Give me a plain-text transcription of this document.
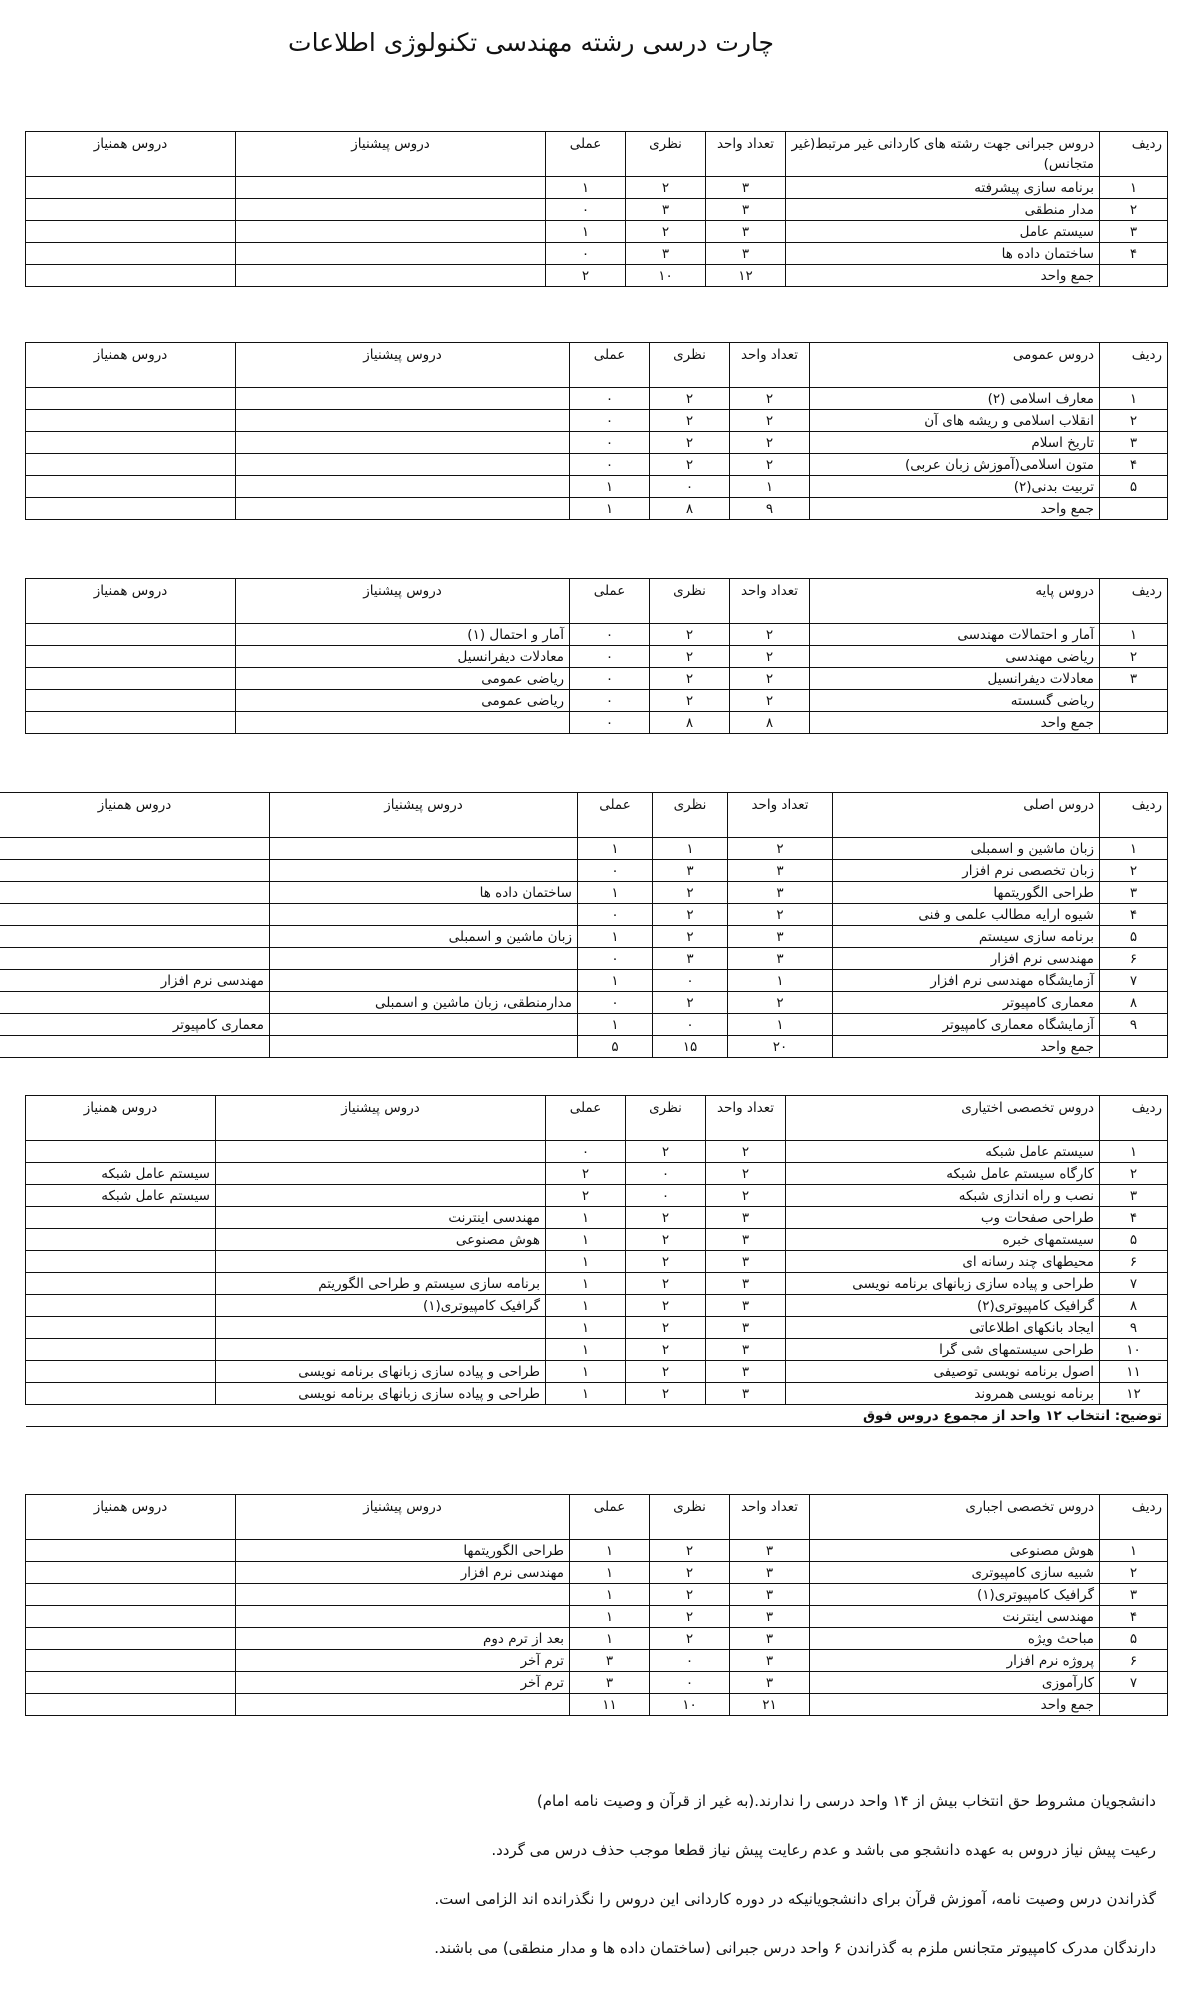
چارت درسی رشته مهندسی تکنولوژی اطلاعات
ردیف	دروس جبرانی جهت رشته های کاردانی غیر مرتبط(غیر متجانس)	تعداد واحد	نظری	عملی	دروس پیشنیاز	دروس همنیاز
۱	برنامه سازی پیشرفته	۳	۲	۱		
۲	مدار منطقی	۳	۳	۰		
۳	سیستم عامل	۳	۲	۱		
۴	ساختمان داده ها	۳	۳	۰		
	جمع واحد	۱۲	۱۰	۲		
ردیف	دروس عمومی	تعداد واحد	نظری	عملی	دروس پیشنیاز	دروس همنیاز
۱	معارف اسلامی (۲)	۲	۲	۰		
۲	انقلاب اسلامی و ریشه های آن	۲	۲	۰		
۳	تاریخ اسلام	۲	۲	۰		
۴	متون اسلامی(آموزش زبان عربی)	۲	۲	۰		
۵	تربیت بدنی(۲)	۱	۰	۱		
	جمع واحد	۹	۸	۱		
ردیف	دروس پایه	تعداد واحد	نظری	عملی	دروس پیشنیاز	دروس همنیاز
۱	آمار و احتمالات مهندسی	۲	۲	۰	آمار و احتمال (۱)	
۲	ریاضی مهندسی	۲	۲	۰	معادلات دیفرانسیل	
۳	معادلات دیفرانسیل	۲	۲	۰	ریاضی عمومی	
	ریاضی گسسته	۲	۲	۰	ریاضی عمومی	
	جمع واحد	۸	۸	۰		
ردیف	دروس اصلی	تعداد واحد	نظری	عملی	دروس پیشنیاز	دروس همنیاز
۱	زبان ماشین و اسمبلی	۲	۱	۱		
۲	زبان تخصصی نرم افزار	۳	۳	۰		
۳	طراحی الگوریتمها	۳	۲	۱	ساختمان داده ها	
۴	شیوه ارایه مطالب علمی و فنی	۲	۲	۰		
۵	برنامه سازی سیستم	۳	۲	۱	زبان ماشین و اسمبلی	
۶	مهندسی نرم افزار	۳	۳	۰		
۷	آزمایشگاه مهندسی نرم افزار	۱	۰	۱		مهندسی نرم افزار
۸	معماری کامپیوتر	۲	۲	۰	مدارمنطقی، زبان ماشین و اسمبلی	
۹	آزمایشگاه معماری کامپیوتر	۱	۰	۱		معماری کامپیوتر
	جمع واحد	۲۰	۱۵	۵		
ردیف	دروس تخصصی اختیاری	تعداد واحد	نظری	عملی	دروس پیشنیاز	دروس همنیاز
۱	سیستم عامل شبکه	۲	۲	۰		
۲	کارگاه سیستم عامل شبکه	۲	۰	۲		سیستم عامل شبکه
۳	نصب و راه اندازی شبکه	۲	۰	۲		سیستم عامل شبکه
۴	طراحی صفحات وب	۳	۲	۱	مهندسی اینترنت	
۵	سیستمهای خبره	۳	۲	۱	هوش مصنوعی	
۶	محیطهای چند رسانه ای	۳	۲	۱		
۷	طراحی و پیاده سازی زبانهای برنامه نویسی	۳	۲	۱	برنامه سازی سیستم و طراحی الگوریتم	
۸	گرافیک کامپیوتری(۲)	۳	۲	۱	گرافیک کامپیوتری(۱)	
۹	ایجاد بانکهای اطلاعاتی	۳	۲	۱		
۱۰	طراحی سیستمهای شی گرا	۳	۲	۱		
۱۱	اصول برنامه نویسی توصیفی	۳	۲	۱	طراحی و پیاده سازی زبانهای برنامه نویسی	
۱۲	برنامه نویسی همروند	۳	۲	۱	طراحی و پیاده سازی زبانهای برنامه نویسی	
توضیح: انتخاب ۱۲ واحد از مجموع دروس فوق						
ردیف	دروس تخصصی اجباری	تعداد واحد	نظری	عملی	دروس پیشنیاز	دروس همنیاز
۱	هوش مصنوعی	۳	۲	۱	طراحی الگوریتمها	
۲	شبیه سازی کامپیوتری	۳	۲	۱	مهندسی نرم افزار	
۳	گرافیک کامپیوتری(۱)	۳	۲	۱		
۴	مهندسی اینترنت	۳	۲	۱		
۵	مباحث ویژه	۳	۲	۱	بعد از ترم دوم	
۶	پروژه نرم افزار	۳	۰	۳	ترم آخر	
۷	کارآموزی	۳	۰	۳	ترم آخر	
	جمع واحد	۲۱	۱۰	۱۱		

دانشجویان مشروط حق انتخاب بیش از ۱۴ واحد درسی را ندارند.(به غیر از قرآن و وصیت نامه امام)

رعیت پیش نیاز دروس به عهده دانشجو می باشد و عدم رعایت پیش نیاز قطعا موجب حذف درس می گردد.

گذراندن درس وصیت نامه، آموزش قرآن برای دانشجویانیکه در دوره کاردانی این دروس را نگذرانده اند الزامی است.

دارندگان مدرک کامپیوتر متجانس ملزم به گذراندن ۶ واحد درس جبرانی (ساختمان داده ها و مدار منطقی) می باشند.
